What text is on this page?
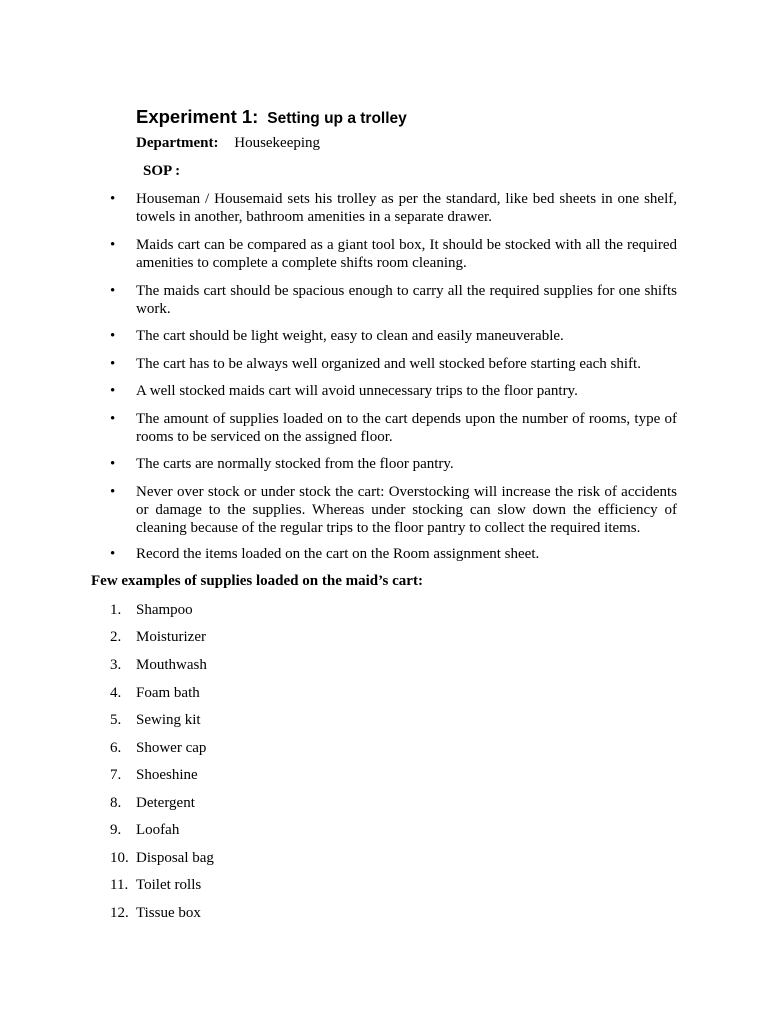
Experiment 1: Setting up a trolley
Department: Housekeeping
SOP :
•	Houseman / Housemaid sets his trolley as per the standard, like bed sheets in one shelf, towels in another, bathroom amenities in a separate drawer.
•	Maids cart can be compared as a giant tool box, It should be stocked with all the required amenities to complete a complete shifts room cleaning.
•	The maids cart should be spacious enough to carry all the required supplies for one shifts work.
•	The cart should be light weight, easy to clean and easily maneuverable.
•	The cart has to be always well organized and well stocked before starting each shift.
•	A well stocked maids cart will avoid unnecessary trips to the floor pantry.
•	The amount of supplies loaded on to the cart depends upon the number of rooms, type of rooms to be serviced on the assigned floor.
•	The carts are normally stocked from the floor pantry.
•	Never over stock or under stock the cart: Overstocking will increase the risk of accidents or damage to the supplies. Whereas under stocking can slow down the efficiency of cleaning because of the regular trips to the floor pantry to collect the required items.
•	Record the items loaded on the cart on the Room assignment sheet.
Few examples of supplies loaded on the maid’s cart:
1. Shampoo
2. Moisturizer
3. Mouthwash
4. Foam bath
5. Sewing kit
6. Shower cap
7. Shoeshine
8. Detergent
9. Loofah
10. Disposal bag
11. Toilet rolls
12. Tissue box
